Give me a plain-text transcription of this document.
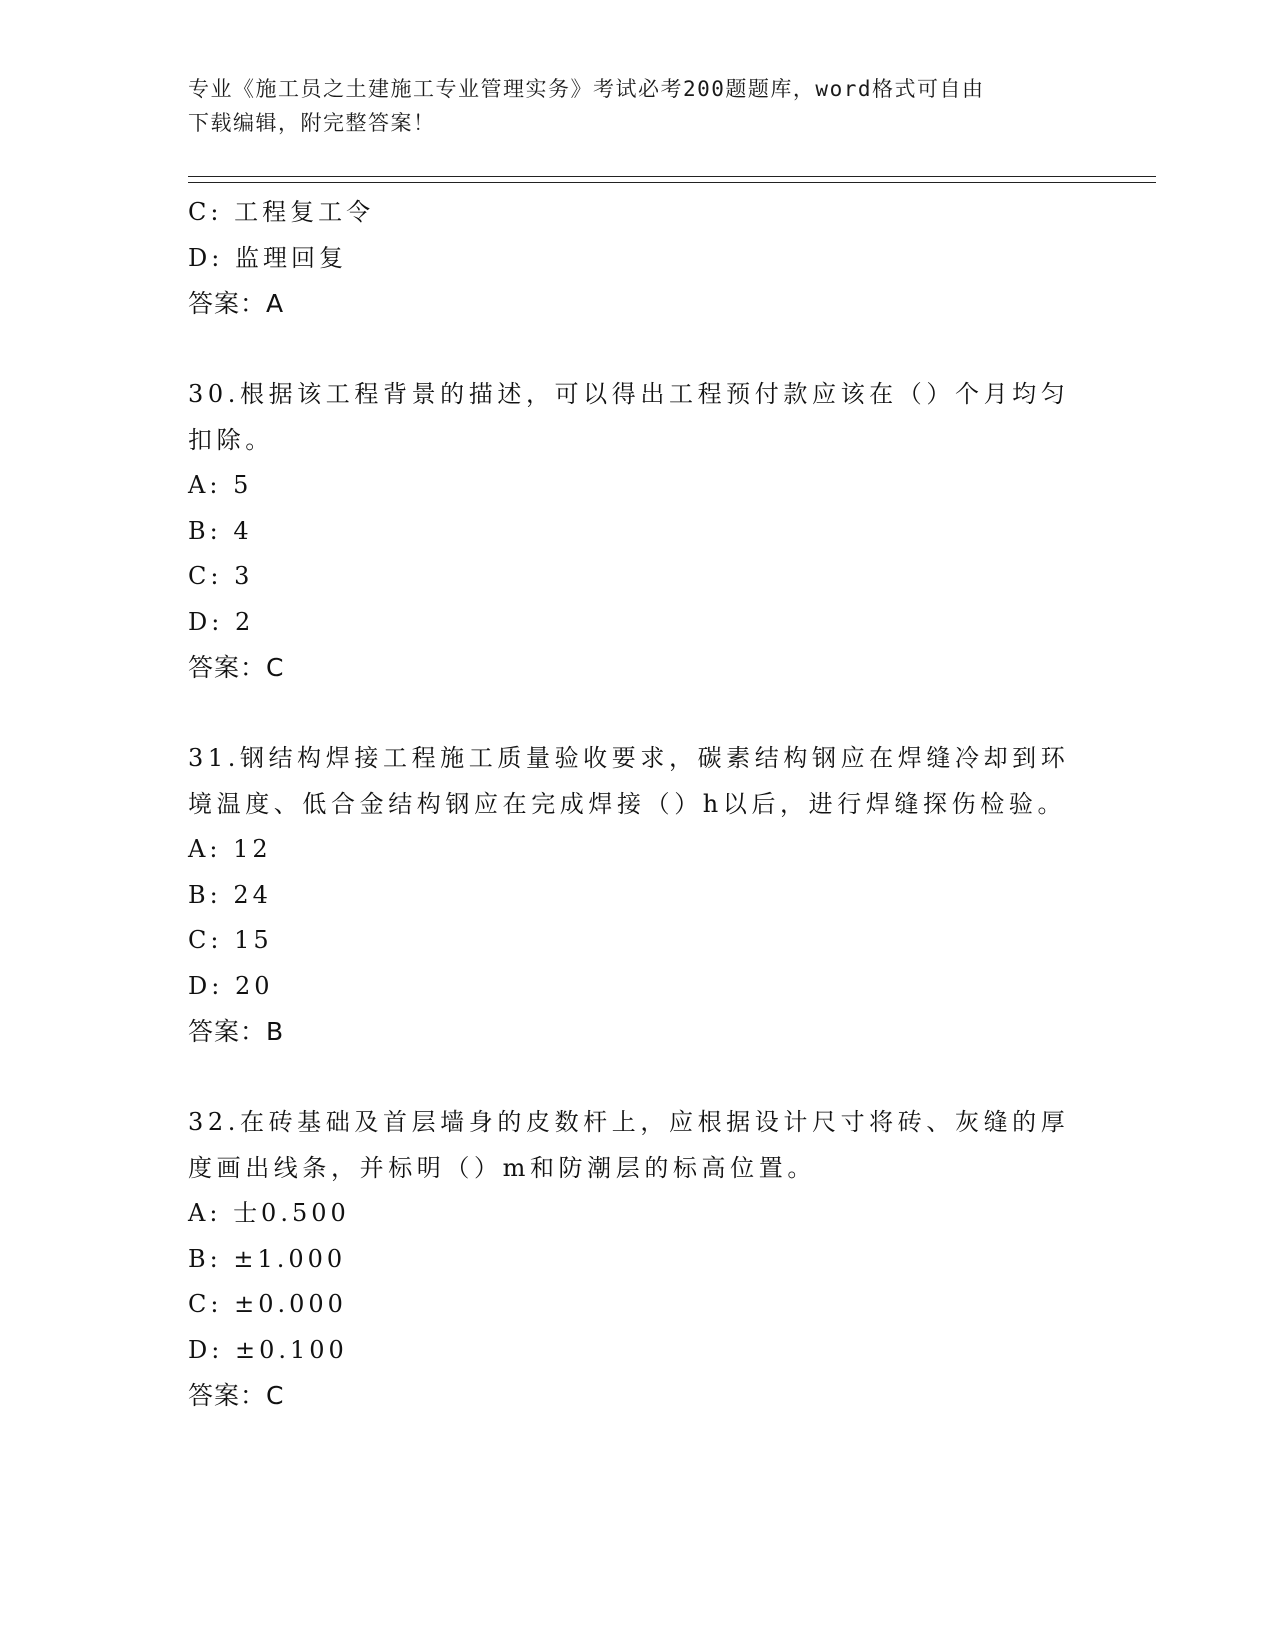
专业《施工员之土建施工专业管理实务》考试必考200题题库，word格式可自由
下载编辑，附完整答案！
C: 工程复工令
D: 监理回复
答案：A
30.根据该工程背景的描述，可以得出工程预付款应该在（）个月均匀
扣除。
A: 5
B: 4
C: 3
D: 2
答案：C
31.钢结构焊接工程施工质量验收要求，碳素结构钢应在焊缝冷却到环
境温度、低合金结构钢应在完成焊接（）h以后，进行焊缝探伤检验。
A: 12
B: 24
C: 15
D: 20
答案：B
32.在砖基础及首层墙身的皮数杆上，应根据设计尺寸将砖、灰缝的厚
度画出线条，并标明（）m和防潮层的标高位置。
A: 士0.500
B: ±1.000
C: ±0.000
D: ±0.100
答案：C
